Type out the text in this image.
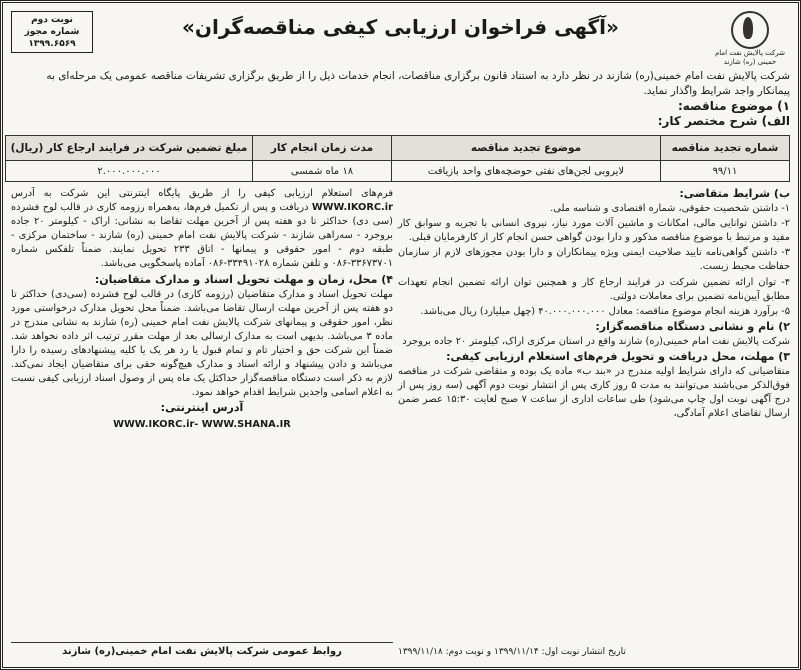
شرکت پالایش نفت امام خمینی (ره) شازند
«آگهی فراخوان ارزیابی کیفی مناقصه‌گران»
نوبت دوم
شماره مجوز
۱۳۹۹.۶۵۶۹
شرکت پالایش نفت امام خمینی(ره) شازند در نظر دارد به استناد قانون برگزاری مناقصات، انجام خدمات ذیل را از طریق برگزاری تشریفات مناقصه عمومی یک مرحله‌ای به پیمانکار واجد شرایط واگذار نماید.
۱) موضوع مناقصه:
الف) شرح مختصر کار:
شماره تجدید مناقصه	موضوع تجدید مناقصه	مدت زمان انجام کار	مبلغ تضمین شرکت در فرایند ارجاع کار (ریال)
۹۹/۱۱	لایروبی لجن‌های نفتی حوضچه‌های واحد بازیافت	۱۸ ماه شمسی	۲.۰۰۰.۰۰۰.۰۰۰

ب) شرایط متقاضی:

۱- داشتن شخصیت حقوقی، شماره اقتصادی و شناسه ملی.

۲- داشتن توانایی مالی، امکانات و ماشین آلات مورد نیاز، نیروی انسانی با تجربه و سوابق کار مفید و مرتبط با موضوع مناقصه مذکور و دارا بودن گواهی حسن انجام کار از کارفرمایان قبلی.

۳- داشتن گواهی‌نامه تایید صلاحیت ایمنی ویژه پیمانکاران و دارا بودن مجوزهای لازم از سازمان حفاظت محیط زیست.

۴- توان ارائه تضمین شرکت در فرایند ارجاع کار و همچنین توان ارائه تضمین انجام تعهدات مطابق آیین‌نامه تضمین برای معاملات دولتی.

۵- برآورد هزینه انجام موضوع مناقصه: معادل ۴۰.۰۰۰.۰۰۰.۰۰۰ (چهل میلیارد) ریال می‌باشد.

۲) نام و نشانی دستگاه مناقصه‌گزار:

شرکت پالایش نفت امام خمینی(ره) شازند واقع در استان مرکزی اراک، کیلومتر ۲۰ جاده بروجرد

۳) مهلت، محل دریافت و تحویل فرم‌های استعلام ارزیابی کیفی:

متقاضیانی که دارای شرایط اولیه مندرج در «بند ب» ماده یک بوده و متقاضی شرکت در مناقصه فوق‌الذکر می‌باشند می‌توانند به مدت ۵ روز کاری پس از انتشار نوبت دوم آگهی (سه روز پس از درج آگهی نوبت اول چاپ می‌شود) طی ساعات اداری از ساعت ۷ صبح لغایت ۱۵:۳۰ عصر ضمن ارسال تقاضای اعلام آمادگی،

تاریخ انتشار نوبت اول: ۱۳۹۹/۱۱/۱۴ و نوبت دوم: ۱۳۹۹/۱۱/۱۸

فرم‌های استعلام ارزیابی کیفی را از طریق پایگاه اینترنتی این شرکت به آدرس WWW.IKORC.ir دریافت و پس از تکمیل فرم‌ها، به‌همراه رزومه کاری در قالب لوح فشرده (سی دی) حداکثر تا دو هفته پس از آخرین مهلت تقاضا به نشانی: اراک - کیلومتر ۲۰ جاده بروجرد - سه‌راهی شازند - شرکت پالایش نفت امام خمینی (ره) شازند - ساختمان مرکزی - طبقه دوم - امور حقوقی و پیمانها - اتاق ۲۳۳ تحویل نمایند. ضمناً تلفکس شماره ۳۳۶۷۳۷۰۱-۰۸۶ و تلفن شماره ۳۳۴۹۱۰۲۸-۰۸۶ آماده پاسخگویی می‌باشد.

۴) محل، زمان و مهلت تحویل اسناد و مدارک متقاضیان:

مهلت تحویل اسناد و مدارک متقاضیان (رزومه کاری) در قالب لوح فشرده (سی‌دی) حداکثر تا دو هفته پس از آخرین مهلت ارسال تقاضا می‌باشد. ضمناً محل تحویل مدارک درخواستی مورد نظر، امور حقوقی و پیمانهای شرکت پالایش نفت امام خمینی (ره) شازند به نشانی مندرج در ماده ۳ می‌باشد. بدیهی است به مدارک ارسالی بعد از مهلت مقرر ترتیب اثر داده نخواهد شد. ضمناً این شرکت حق و اختیار تام و تمام قبول یا رد هر یک یا کلیه پیشنهادهای رسیده را دارا می‌باشد و دادن پیشنهاد و ارائه اسناد و مدارک هیچ‌گونه حقی برای متقاضیان ایجاد نمی‌کند. لازم به ذکر است دستگاه مناقصه‌گزار حداکثل یک ماه پس از وصول اسناد ارزیابی کیفی نسبت به اعلام اسامی واجدین شرایط اقدام خواهد نمود.

آدرس اینترنتی:

WWW.IKORC.ir- WWW.SHANA.IR

روابط عمومی شرکت پالایش نفت امام خمینی(ره) شازند
